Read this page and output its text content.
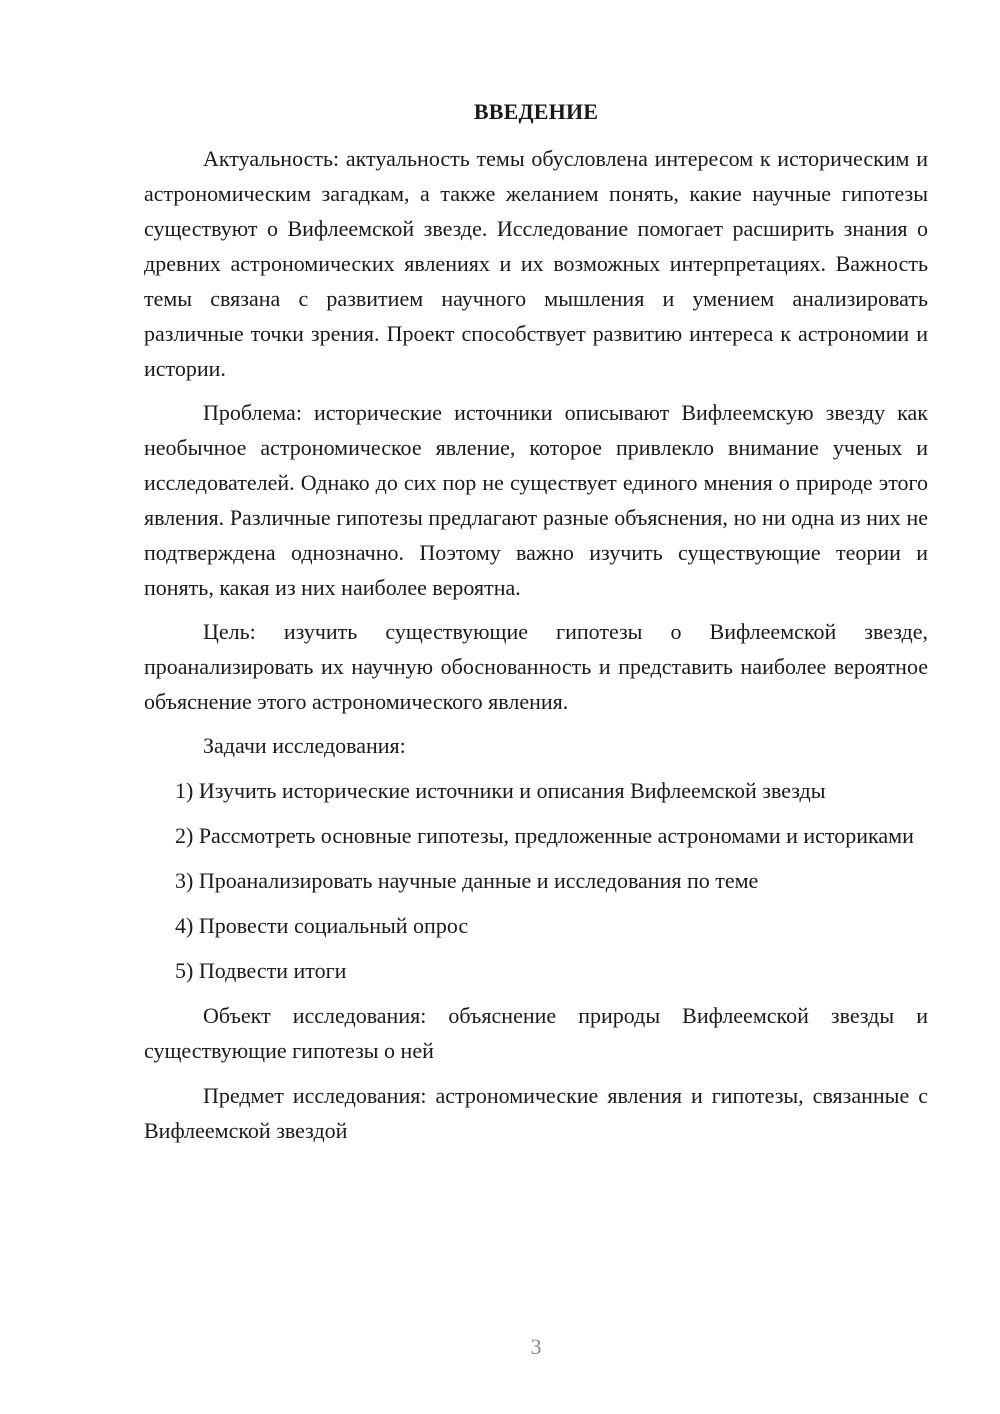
ВВЕДЕНИЕ

Актуальность: актуальность темы обусловлена интересом к историческим и астрономическим загадкам, а также желанием понять, какие научные гипотезы существуют о Вифлеемской звезде. Исследование помогает расширить знания о древних астрономических явлениях и их возможных интерпретациях. Важность темы связана с развитием научного мышления и умением анализировать различные точки зрения. Проект способствует развитию интереса к астрономии и истории.

Проблема: исторические источники описывают Вифлеемскую звезду как необычное астрономическое явление, которое привлекло внимание ученых и исследователей. Однако до сих пор не существует единого мнения о природе этого явления. Различные гипотезы предлагают разные объяснения, но ни одна из них не подтверждена однозначно. Поэтому важно изучить существующие теории и понять, какая из них наиболее вероятна.

Цель: изучить существующие гипотезы о Вифлеемской звезде, проанализировать их научную обоснованность и представить наиболее вероятное объяснение этого астрономического явления.

Задачи исследования:

1) Изучить исторические источники и описания Вифлеемской звезды

2) Рассмотреть основные гипотезы, предложенные астрономами и историками

3) Проанализировать научные данные и исследования по теме

4) Провести социальный опрос

5) Подвести итоги

Объект исследования: объяснение природы Вифлеемской звезды и существующие гипотезы о ней

Предмет исследования: астрономические явления и гипотезы, связанные с Вифлеемской звездой

3
